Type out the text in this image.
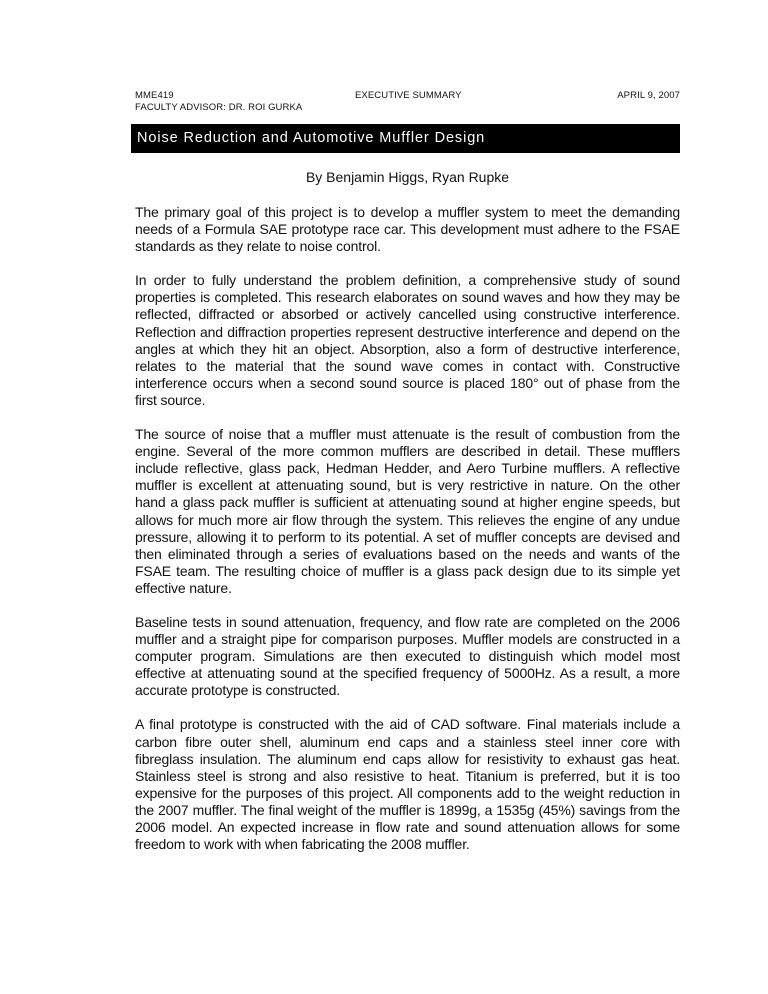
MME419
FACULTY ADVISOR: DR. ROI GURKA
EXECUTIVE SUMMARY	APRIL 9, 2007
Noise Reduction and Automotive Muffler Design
By Benjamin Higgs, Ryan Rupke

The primary goal of this project is to develop a muffler system to meet the demanding needs of a Formula SAE prototype race car. This development must adhere to the FSAE standards as they relate to noise control.

In order to fully understand the problem definition, a comprehensive study of sound properties is completed. This research elaborates on sound waves and how they may be reflected, diffracted or absorbed or actively cancelled using constructive interference. Reflection and diffraction properties represent destructive interference and depend on the angles at which they hit an object. Absorption, also a form of destructive interference, relates to the material that the sound wave comes in contact with. Constructive interference occurs when a second sound source is placed 180° out of phase from the first source.

The source of noise that a muffler must attenuate is the result of combustion from the engine. Several of the more common mufflers are described in detail. These mufflers include reflective, glass pack, Hedman Hedder, and Aero Turbine mufflers. A reflective muffler is excellent at attenuating sound, but is very restrictive in nature. On the other hand a glass pack muffler is sufficient at attenuating sound at higher engine speeds, but allows for much more air flow through the system. This relieves the engine of any undue pressure, allowing it to perform to its potential. A set of muffler concepts are devised and then eliminated through a series of evaluations based on the needs and wants of the FSAE team. The resulting choice of muffler is a glass pack design due to its simple yet effective nature.

Baseline tests in sound attenuation, frequency, and flow rate are completed on the 2006 muffler and a straight pipe for comparison purposes. Muffler models are constructed in a computer program. Simulations are then executed to distinguish which model most effective at attenuating sound at the specified frequency of 5000Hz. As a result, a more accurate prototype is constructed.

A final prototype is constructed with the aid of CAD software. Final materials include a carbon fibre outer shell, aluminum end caps and a stainless steel inner core with fibreglass insulation. The aluminum end caps allow for resistivity to exhaust gas heat. Stainless steel is strong and also resistive to heat. Titanium is preferred, but it is too expensive for the purposes of this project. All components add to the weight reduction in the 2007 muffler. The final weight of the muffler is 1899g, a 1535g (45%) savings from the 2006 model. An expected increase in flow rate and sound attenuation allows for some freedom to work with when fabricating the 2008 muffler.
